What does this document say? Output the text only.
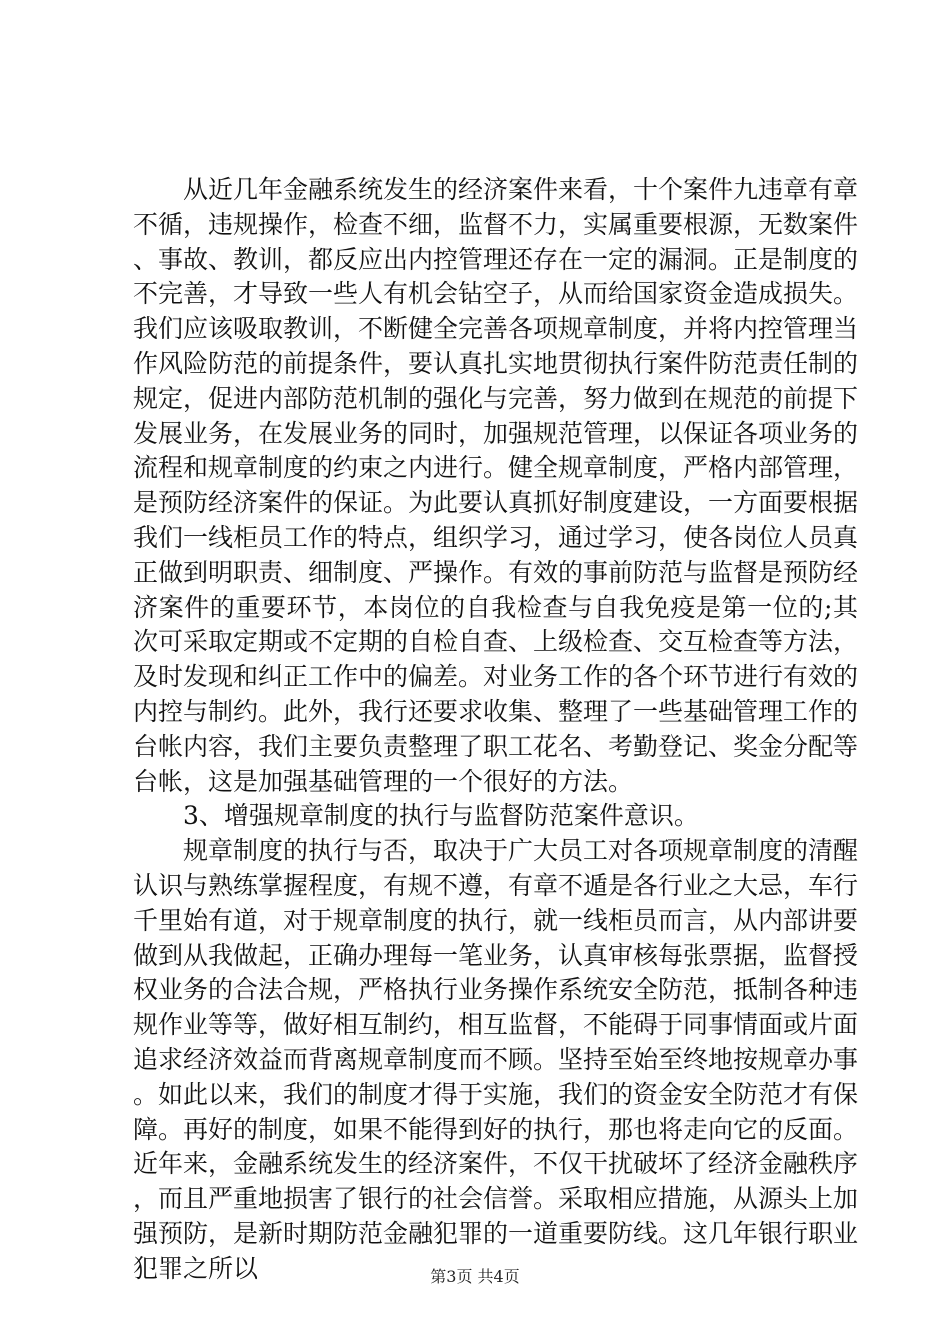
从近几年金融系统发生的经济案件来看，十个案件九违章有章不循，违规操作，检查不细，监督不力，实属重要根源，无数案件、事故、教训，都反应出内控管理还存在一定的漏洞。正是制度的不完善，才导致一些人有机会钻空子，从而给国家资金造成损失。我们应该吸取教训，不断健全完善各项规章制度，并将内控管理当作风险防范的前提条件，要认真扎实地贯彻执行案件防范责任制的规定，促进内部防范机制的强化与完善，努力做到在规范的前提下发展业务，在发展业务的同时，加强规范管理，以保证各项业务的流程和规章制度的约束之内进行。健全规章制度，严格内部管理，是预防经济案件的保证。为此要认真抓好制度建设，一方面要根据我们一线柜员工作的特点，组织学习，通过学习，使各岗位人员真正做到明职责、细制度、严操作。有效的事前防范与监督是预防经济案件的重要环节，本岗位的自我检查与自我免疫是第一位的;其次可采取定期或不定期的自检自查、上级检查、交互检查等方法，及时发现和纠正工作中的偏差。对业务工作的各个环节进行有效的内控与制约。此外，我行还要求收集、整理了一些基础管理工作的台帐内容，我们主要负责整理了职工花名、考勤登记、奖金分配等台帐，这是加强基础管理的一个很好的方法。

3、增强规章制度的执行与监督防范案件意识。

规章制度的执行与否，取决于广大员工对各项规章制度的清醒认识与熟练掌握程度，有规不遵，有章不遁是各行业之大忌，车行千里始有道，对于规章制度的执行，就一线柜员而言，从内部讲要做到从我做起，正确办理每一笔业务，认真审核每张票据，监督授权业务的合法合规，严格执行业务操作系统安全防范，抵制各种违规作业等等，做好相互制约，相互监督，不能碍于同事情面或片面追求经济效益而背离规章制度而不顾。坚持至始至终地按规章办事。如此以来，我们的制度才得于实施，我们的资金安全防范才有保障。再好的制度，如果不能得到好的执行，那也将走向它的反面。近年来，金融系统发生的经济案件，不仅干扰破坏了经济金融秩序，而且严重地损害了银行的社会信誉。采取相应措施，从源头上加强预防，是新时期防范金融犯罪的一道重要防线。这几年银行职业犯罪之所以	第3页 共4页
